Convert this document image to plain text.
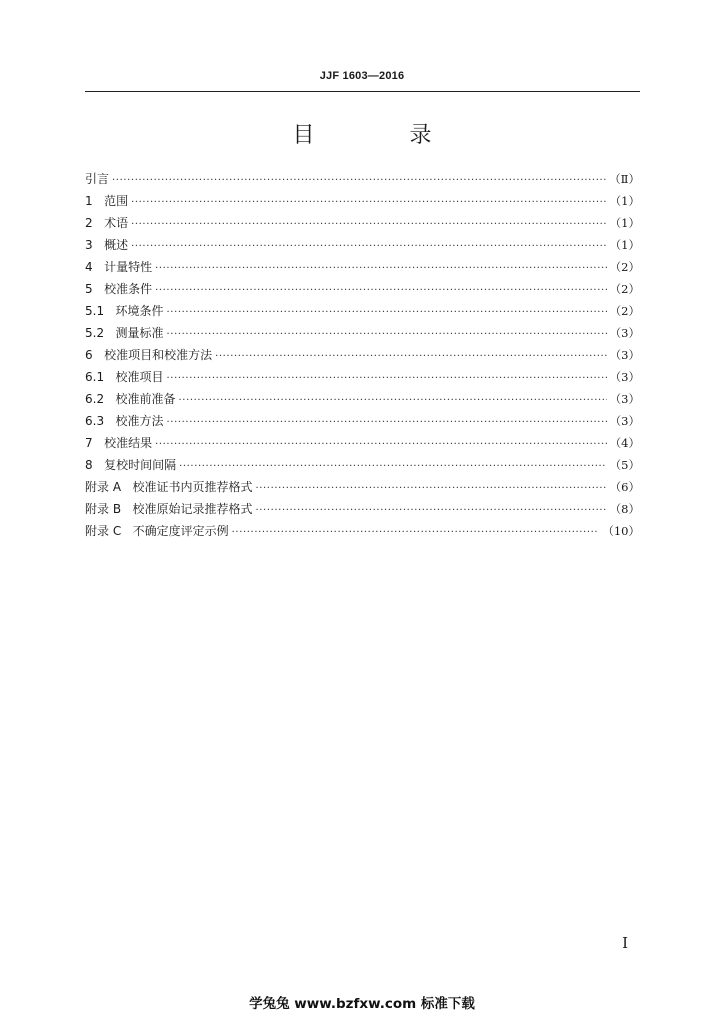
JJF 1603—2016
目 录
引言 ·····	（Ⅱ）
1   范围 ·····	（1）
2   术语 ·····	（1）
3   概述 ·····	（1）
4   计量特性 ·····	（2）
5   校准条件 ·····	（2）
5.1   环境条件 ·····	（2）
5.2   测量标准 ·····	（3）
6   校准项目和校准方法 ·····	（3）
6.1   校准项目 ·····	（3）
6.2   校准前准备 ·····	（3）
6.3   校准方法 ·····	（3）
7   校准结果 ·····	（4）
8   复校时间间隔 ·····	（5）
附录 A   校准证书内页推荐格式 ·····	（6）
附录 B   校准原始记录推荐格式 ·····	（8）
附录 C   不确定度评定示例 ·····	（10）
Ⅰ
学兔兔 www.bzfxw.com 标准下载
